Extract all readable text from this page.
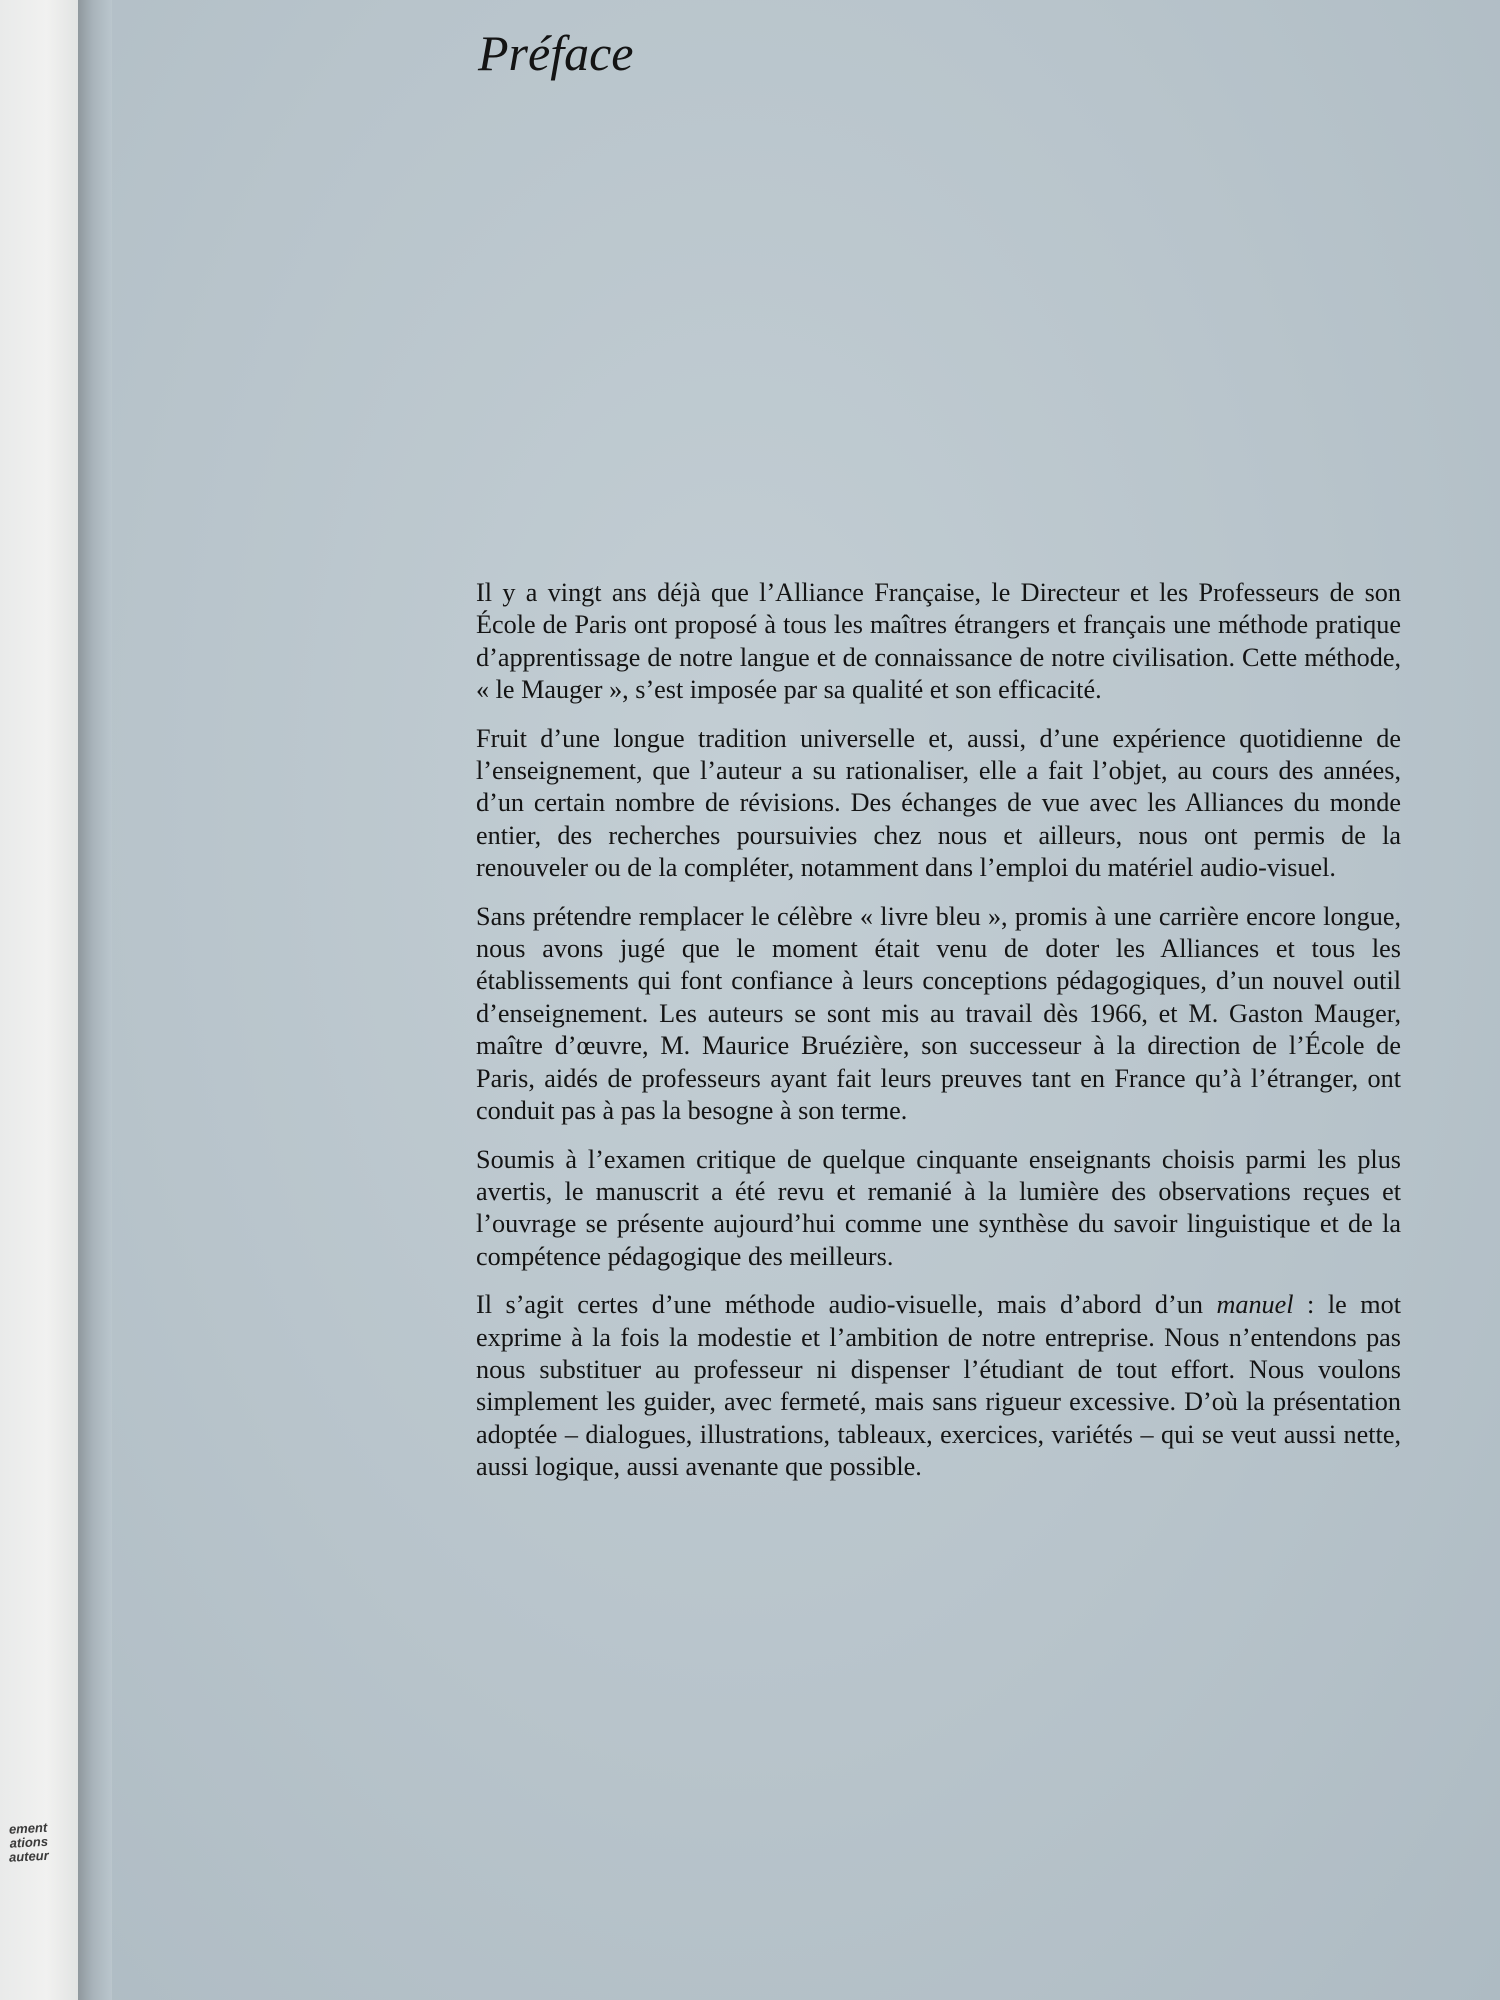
ement
ations
auteur
Préface

Il y a vingt ans déjà que l’Alliance Française, le Directeur et les Professeurs de son École de Paris ont proposé à tous les maîtres étrangers et français une méthode pratique d’apprentissage de notre langue et de connaissance de notre civilisation. Cette méthode, « le Mauger », s’est imposée par sa qualité et son efficacité.

Fruit d’une longue tradition universelle et, aussi, d’une expérience quotidienne de l’enseignement, que l’auteur a su rationaliser, elle a fait l’objet, au cours des années, d’un certain nombre de révisions. Des échanges de vue avec les Alliances du monde entier, des recherches poursuivies chez nous et ailleurs, nous ont permis de la renouveler ou de la compléter, notamment dans l’emploi du matériel audio-visuel.

Sans prétendre remplacer le célèbre « livre bleu », promis à une carrière encore longue, nous avons jugé que le moment était venu de doter les Alliances et tous les établissements qui font confiance à leurs conceptions pédagogiques, d’un nouvel outil d’enseignement. Les auteurs se sont mis au travail dès 1966, et M. Gaston Mauger, maître d’œuvre, M. Maurice Bruézière, son successeur à la direction de l’École de Paris, aidés de professeurs ayant fait leurs preuves tant en France qu’à l’étranger, ont conduit pas à pas la besogne à son terme.

Soumis à l’examen critique de quelque cinquante enseignants choisis parmi les plus avertis, le manuscrit a été revu et remanié à la lumière des observations reçues et l’ouvrage se présente aujourd’hui comme une synthèse du savoir linguistique et de la compétence pédagogique des meilleurs.

Il s’agit certes d’une méthode audio-visuelle, mais d’abord d’un manuel : le mot exprime à la fois la modestie et l’ambition de notre entreprise. Nous n’entendons pas nous substituer au professeur ni dispenser l’étudiant de tout effort. Nous voulons simplement les guider, avec fermeté, mais sans rigueur excessive. D’où la présentation adoptée – dialogues, illustrations, tableaux, exercices, variétés – qui se veut aussi nette, aussi logique, aussi avenante que possible.
